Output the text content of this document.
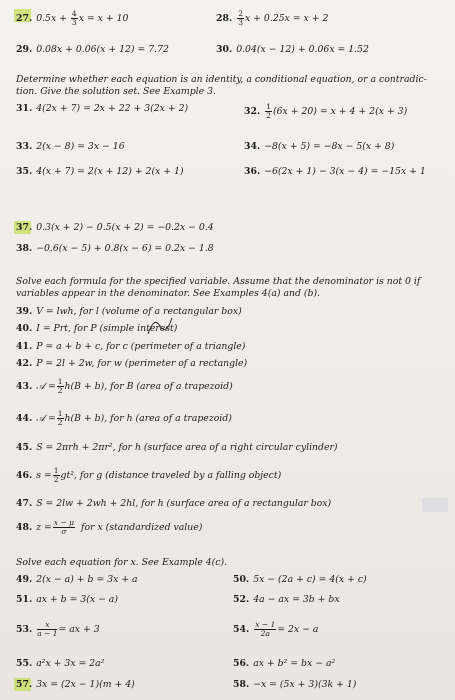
27. $0.5x + \frac{4}{3}$ x = x + 10	28. $\frac{2}{3}$ x + 0.25x = x + 2
29. 0.08x + 0.06(x + 12) = 7.72	30. 0.04(x − 12) + 0.06x = 1.52
Determine whether each equation is an identity, a conditional equation, or a contradic-
tion. Give the solution set. See Example 3.
31. 4(2x + 7) = 2x + 22 + 3(2x + 2)	32. $\frac{1}{2} (6x + 20) = x + 4 + 2(x + 3)$
33. 2(x − 8) = 3x − 16	34. −8(x + 5) = −8x − 5(x + 8)
35. 4(x + 7) = 2(x + 12) + 2(x + 1)	36. −6(2x + 1) − 3(x − 4) = −15x + 1
37. 0.3(x + 2) − 0.5(x + 2) = −0.2x − 0.4
38. −0.6(x − 5) + 0.8(x − 6) = 0.2x − 1.8
Solve each formula for the specified variable. Assume that the denominator is not 0 if
variables appear in the denominator. See Examples 4(a) and (b).
39. V = lwh, for l (volume of a rectangular box)
40. I = Prt, for P (simple interest)
41. P = a + b + c, for c (perimeter of a triangle)
42. P = 2l + 2w, for w (perimeter of a rectangle)
43. 𝒜 = $\frac{1}{2} h(B + b)$, for B (area of a trapezoid)
44. 𝒜 = $\frac{1}{2} h(B + b)$, for h (area of a trapezoid)
45. S = 2πrh + 2πr², for h (surface area of a right circular cylinder)
46. $s = \frac{1}{2} gt^2$, for g (distance traveled by a falling object)
47. S = 2lw + 2wh + 2hl, for h (surface area of a rectangular box)
48. $z = \frac{x - \mu}{\sigma}$ for x (standardized value)
Solve each equation for x. See Example 4(c).
49. 2(x − a) + b = 3x + a	50. 5x − (2a + c) = 4(x + c)
51. ax + b = 3(x − a)	52. 4a − ax = 3b + bx
53. $\frac{x}{a - 1}$ = ax + 3	54. $\frac{x - 1}{2a} = 2x - a$
55. a²x + 3x = 2a²	56. ax + b² = bx − a²
57. 3x = (2x − 1)(m + 4)	58. −x = (5x + 3)(3k + 1)
